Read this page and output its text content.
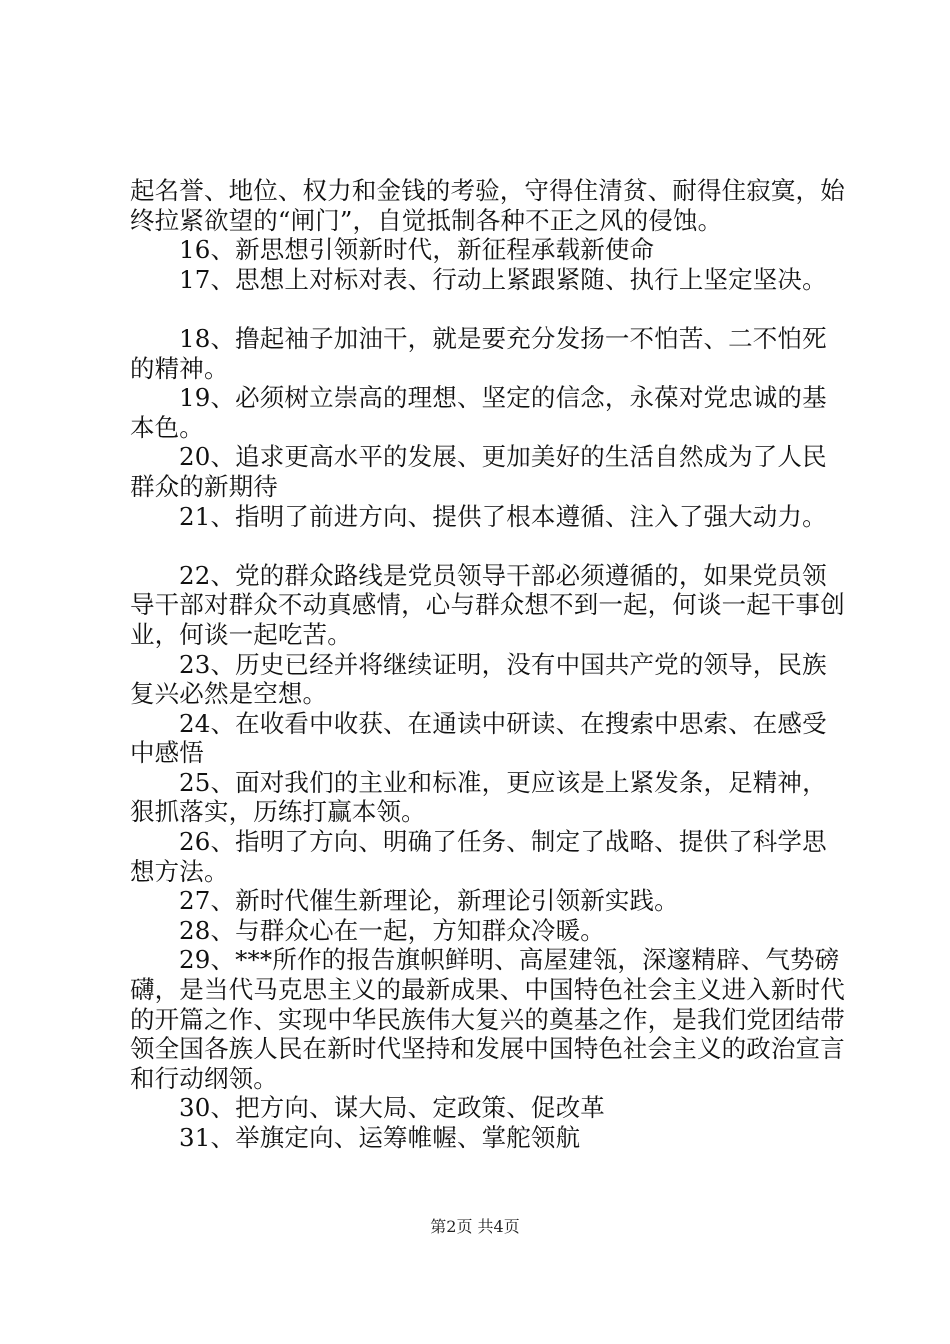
起名誉、地位、权力和金钱的考验，守得住清贫、耐得住寂寞，始终拉紧欲望的“闸门”，自觉抵制各种不正之风的侵蚀。

16、新思想引领新时代，新征程承载新使命

17、思想上对标对表、行动上紧跟紧随、执行上坚定坚决。

18、撸起袖子加油干，就是要充分发扬一不怕苦、二不怕死的精神。

19、必须树立崇高的理想、坚定的信念，永葆对党忠诚的基本色。

20、追求更高水平的发展、更加美好的生活自然成为了人民群众的新期待

21、指明了前进方向、提供了根本遵循、注入了强大动力。

22、党的群众路线是党员领导干部必须遵循的，如果党员领导干部对群众不动真感情，心与群众想不到一起，何谈一起干事创业，何谈一起吃苦。

23、历史已经并将继续证明，没有中国共产党的领导，民族复兴必然是空想。

24、在收看中收获、在通读中研读、在搜索中思索、在感受中感悟

25、面对我们的主业和标准，更应该是上紧发条，足精神，狠抓落实，历练打赢本领。

26、指明了方向、明确了任务、制定了战略、提供了科学思想方法。

27、新时代催生新理论，新理论引领新实践。

28、与群众心在一起，方知群众冷暖。

29、***所作的报告旗帜鲜明、高屋建瓴，深邃精辟、气势磅礴，是当代马克思主义的最新成果、中国特色社会主义进入新时代的开篇之作、实现中华民族伟大复兴的奠基之作，是我们党团结带领全国各族人民在新时代坚持和发展中国特色社会主义的政治宣言和行动纲领。

30、把方向、谋大局、定政策、促改革

31、举旗定向、运筹帷幄、掌舵领航

第2页 共4页
